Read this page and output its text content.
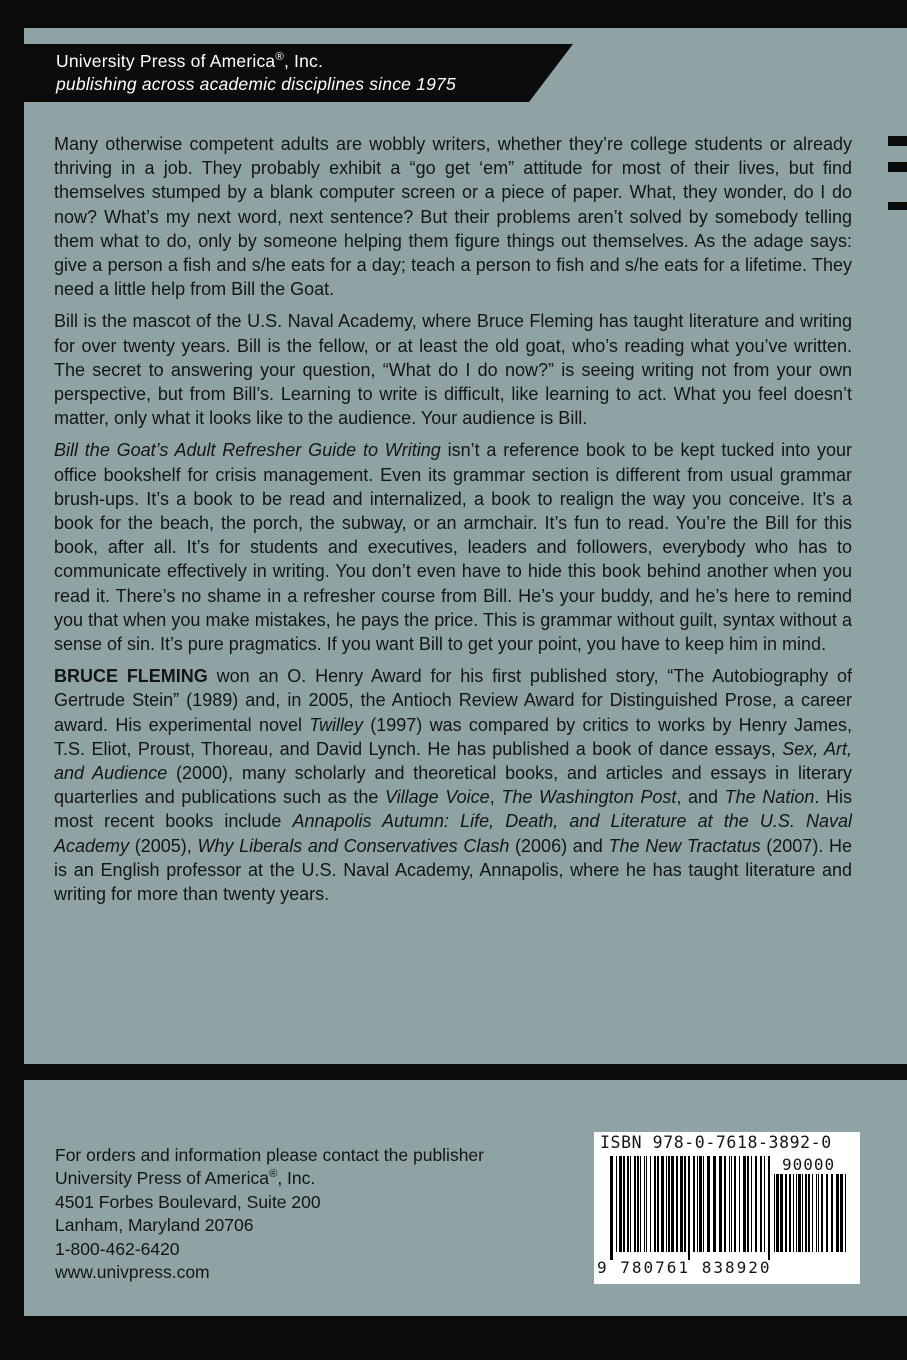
University Press of America®, Inc.
publishing across academic disciplines since 1975

Many otherwise competent adults are wobbly writers, whether they’re college students or already thriving in a job. They probably exhibit a “go get ‘em” attitude for most of their lives, but find themselves stumped by a blank computer screen or a piece of paper. What, they wonder, do I do now? What’s my next word, next sentence? But their problems aren’t solved by somebody telling them what to do, only by someone helping them figure things out themselves. As the adage says: give a person a fish and s/he eats for a day; teach a person to fish and s/he eats for a lifetime. They need a little help from Bill the Goat.

Bill is the mascot of the U.S. Naval Academy, where Bruce Fleming has taught literature and writing for over twenty years. Bill is the fellow, or at least the old goat, who’s reading what you’ve written. The secret to answering your question, “What do I do now?” is seeing writing not from your own perspective, but from Bill’s. Learning to write is difficult, like learning to act. What you feel doesn’t matter, only what it looks like to the audience. Your audience is Bill.

Bill the Goat’s Adult Refresher Guide to Writing isn’t a reference book to be kept tucked into your office bookshelf for crisis management. Even its grammar section is different from usual grammar brush-ups. It’s a book to be read and internalized, a book to realign the way you conceive. It’s a book for the beach, the porch, the subway, or an armchair. It’s fun to read. You’re the Bill for this book, after all. It’s for students and executives, leaders and followers, everybody who has to communicate effectively in writing. You don’t even have to hide this book behind another when you read it. There’s no shame in a refresher course from Bill. He’s your buddy, and he’s here to remind you that when you make mistakes, he pays the price. This is grammar without guilt, syntax without a sense of sin. It’s pure pragmatics. If you want Bill to get your point, you have to keep him in mind.

BRUCE FLEMING won an O. Henry Award for his first published story, “The Autobiography of Gertrude Stein” (1989) and, in 2005, the Antioch Review Award for Distinguished Prose, a career award. His experimental novel Twilley (1997) was compared by critics to works by Henry James, T.S. Eliot, Proust, Thoreau, and David Lynch. He has published a book of dance essays, Sex, Art, and Audience (2000), many scholarly and theoretical books, and articles and essays in literary quarterlies and publications such as the Village Voice, The Washington Post, and The Nation. His most recent books include Annapolis Autumn: Life, Death, and Literature at the U.S. Naval Academy (2005), Why Liberals and Conservatives Clash (2006) and The New Tractatus (2007). He is an English professor at the U.S. Naval Academy, Annapolis, where he has taught literature and writing for more than twenty years.

For orders and information please contact the publisher
University Press of America®, Inc.
4501 Forbes Boulevard, Suite 200
Lanham, Maryland 20706
1-800-462-6420
www.univpress.com
ISBN 978-0-7618-3892-0
90000
9 780761 838920
